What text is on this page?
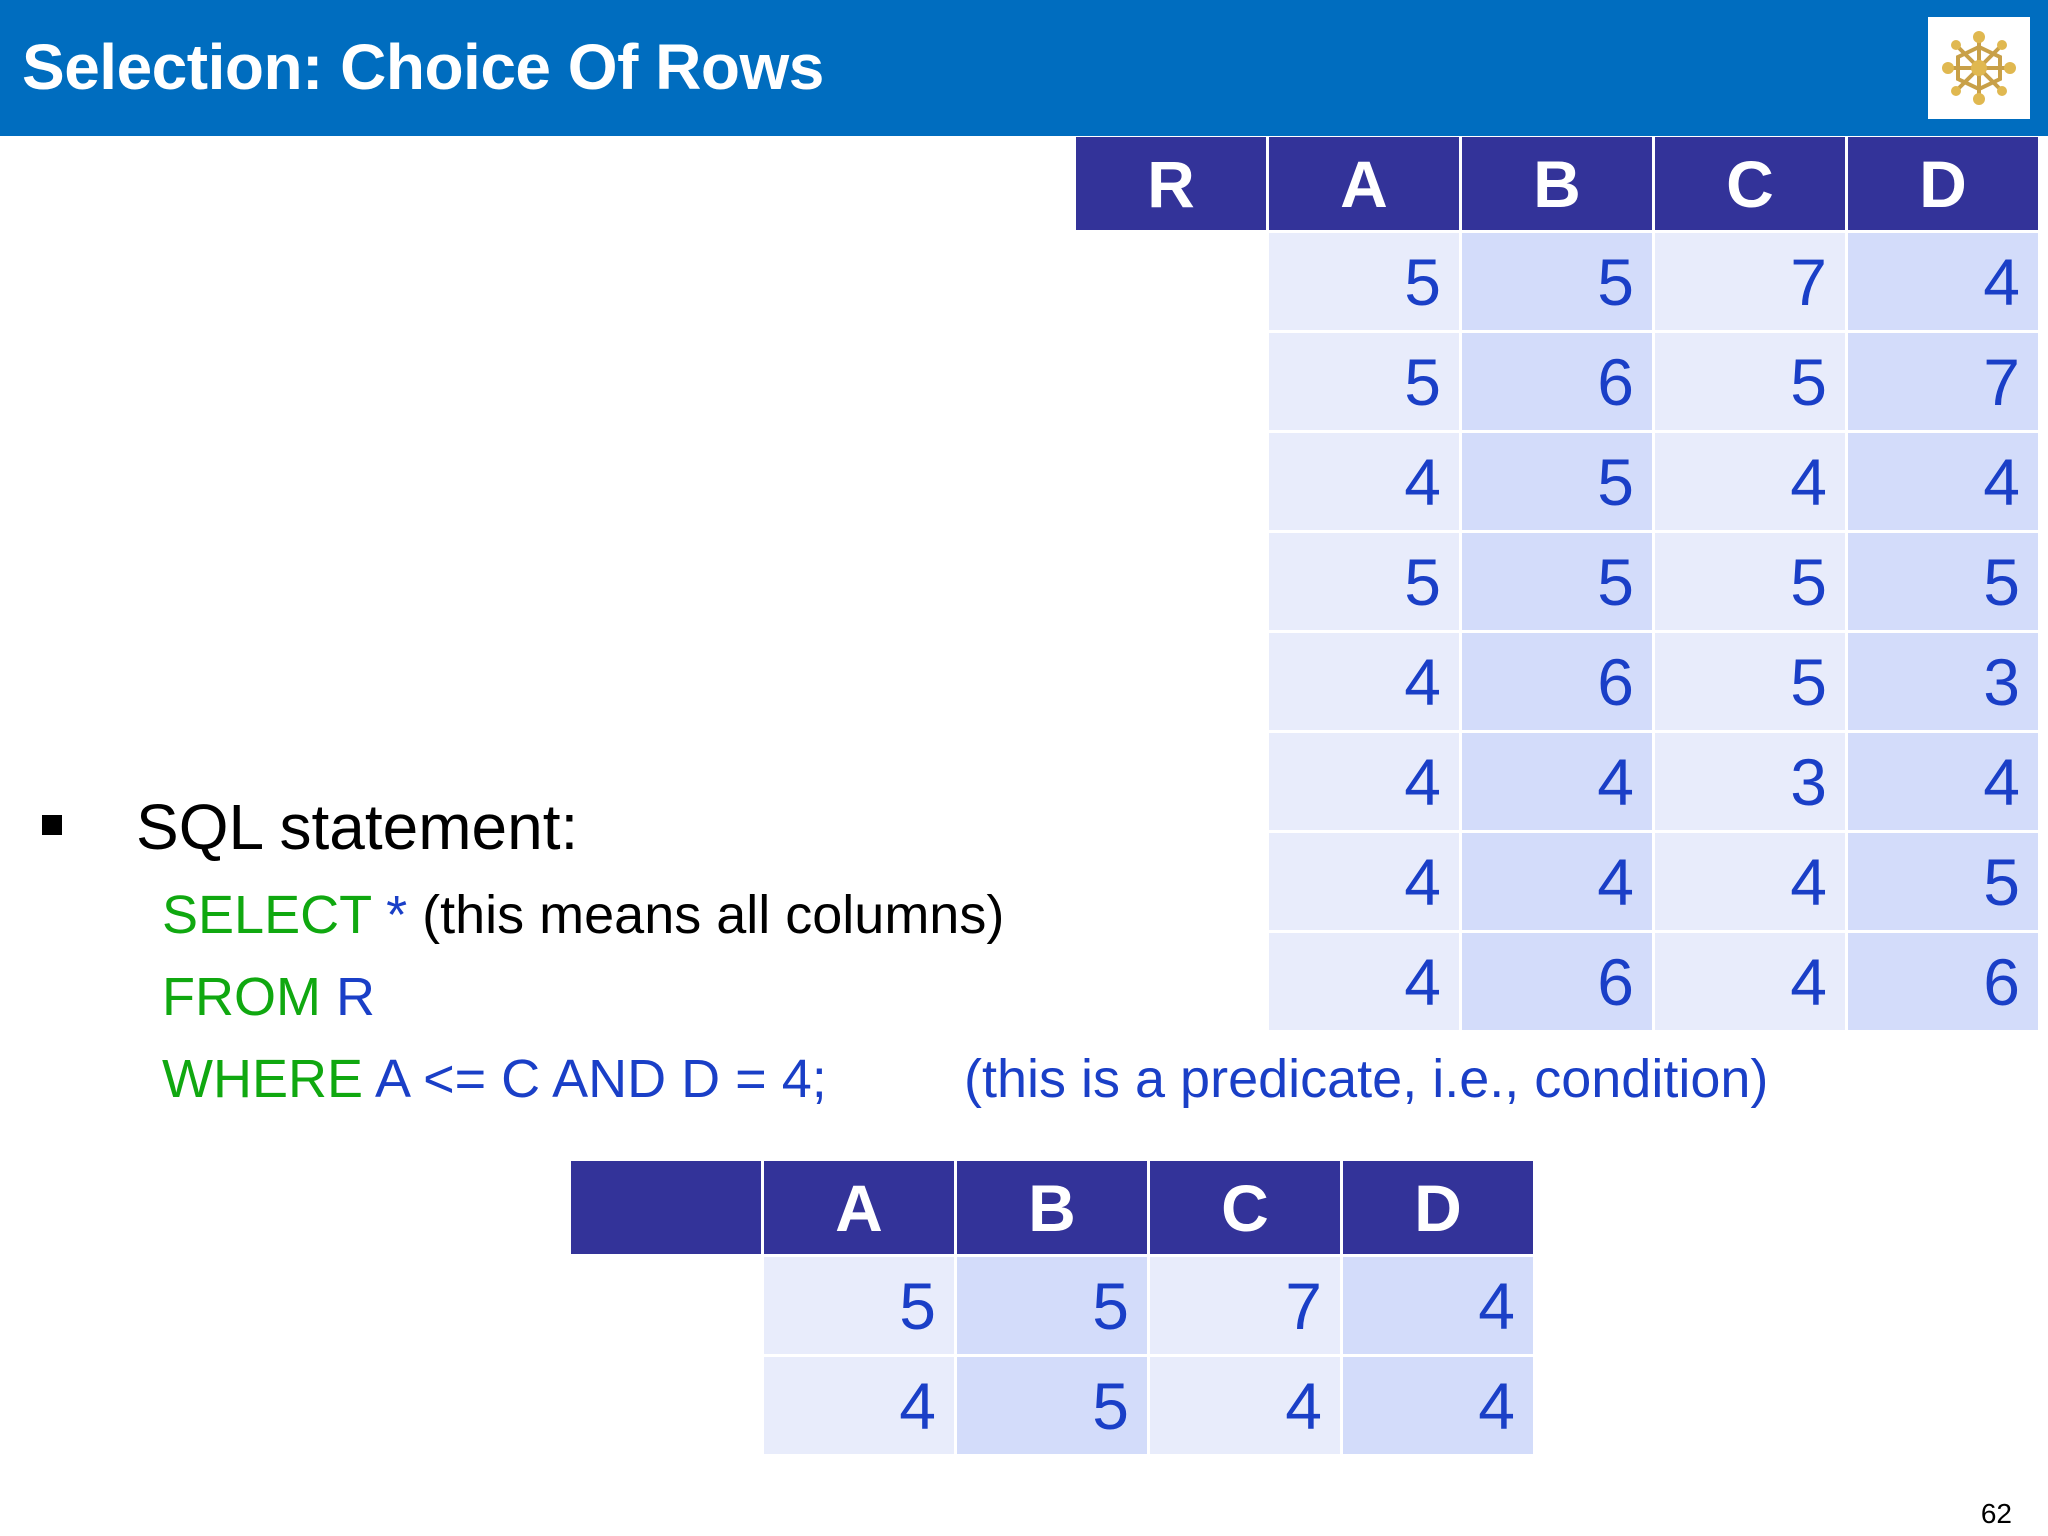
Selection: Choice Of Rows
R	A	B	C	D
	5	5	7	4
	5	6	5	7
	4	5	4	4
	5	5	5	5
	4	6	5	3
	4	4	3	4
	4	4	4	5
	4	6	4	6
SQL statement:
SELECT * (this means all columns)
FROM R
WHERE A <= C AND D = 4;	(this is a predicate, i.e., condition)
	A	B	C	D
	5	5	7	4
	4	5	4	4
62
